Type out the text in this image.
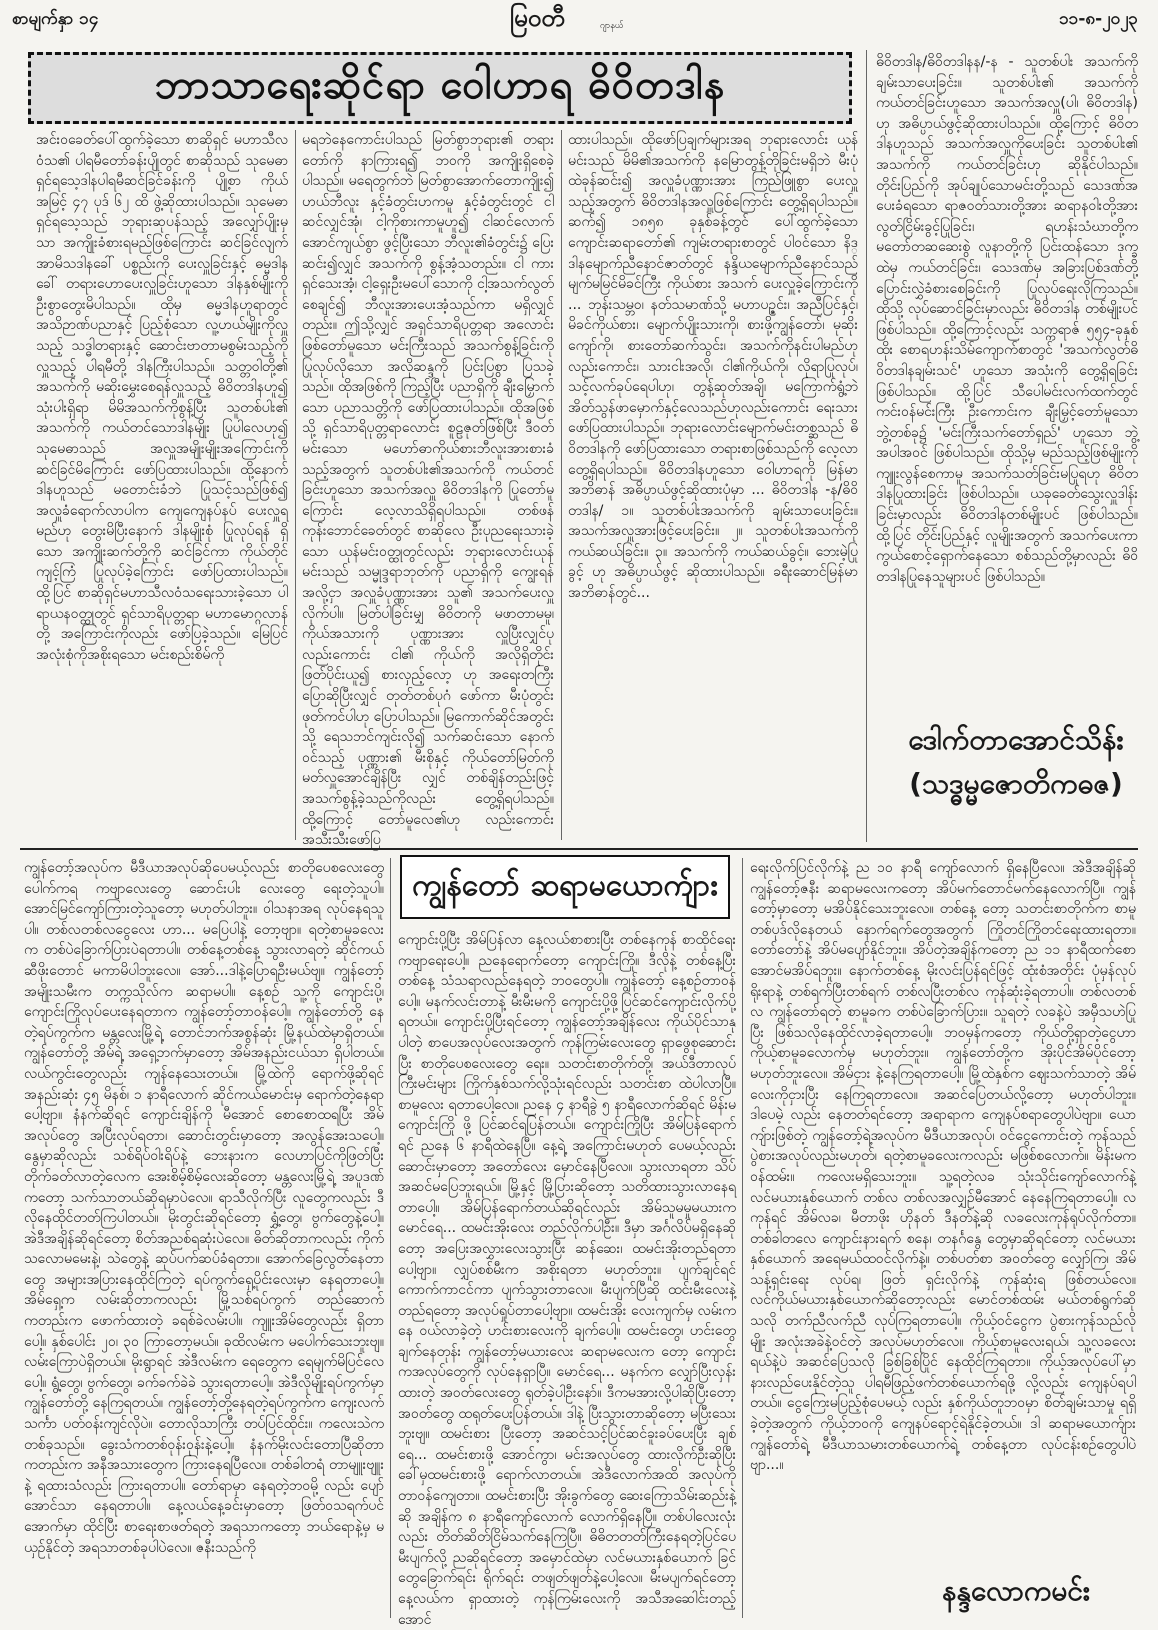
စာမျက်နှာ ၁၄	မြဝတီ	ဂျာနယ်	၁၁-၈-၂၀၂၃
ဘာသာရေးဆိုင်ရာ ဝေါဟာရ ဓိဝိတဒါန

အင်းဝခေတ်ပေါ်ထွက်ခဲ့သော စာဆိုရှင် မဟာသီလဝံသ၏ ပါရမီတော်ခန်းပျိုတွင် စာဆိုသည် သုမေဓာရှင်ရသေ့ဒါနပါရမီဆင်ခြင်ခန်းကို ပျို့စာ ကိုယ်အမြင့် ၄၇ ပုဒ် ၆၂ ထိ ဖွဲ့ဆိုထားပါသည်။ သုမေဓာရှင်ရသေ့သည် ဘုရားဆုပန်သည့် အလျှော်ပျိုးမှသာ အကျိုးခံစားရမည်ဖြစ်ကြောင်း ဆင်ခြင်လျက် အာမိသဒါနခေါ် ပစ္စည်းကို ပေးလှူခြင်းနှင့် ဓမ္မဒါနခေါ် တရားဟောပေးလှူခြင်းဟူသော ဒါနနှစ်မျိုးကို ဦးစွာတွေးမိပါသည်။ ထိုမှ ဓမ္မဒါနဟူရာတွင် အသိဉာဏ်ပညာနှင့် ပြည့်စုံသော လူ့ဟယ်မျိုးကိုလှူသည့် သဒ္ဓါတရားနှင့် ဆောင်းဗာတာမစွမ်းသည့်ကိုလှူသည့် ပါရမီတို့ ဒါနကြီးပါသည်။ သတ္တဝါတို့၏ အသက်ကို မဆိုးမွှေးစေရန်လှူသည့် ဓိဝိတဒါနဟူ၍ သုံးပါးရှိရာ မိမိအသက်ကိုစွန့်ပြီး သူတစ်ပါး၏ အသက်ကို ကယ်တင်သောဒါနမျိုး ပြုပါလေဟု၍ သုမေဓာသည် အလှူအမျိုးမျိုးအကြောင်းကို ဆင်ခြင်မိကြောင်း ဖော်ပြထားပါသည်။ ထို့နောက် ဒါနဟူသည် မတောင်းခံဘဲ ပြုသင့်သည်ဖြစ်၍ အလှူခံရောက်လာပါက ကျေကျေနပ်နပ် ပေးလှူရမည်ဟု တွေးမိပြီးနောက် ဒါနမျိုးစုံ ပြုလုပ်ရန် ရှိသော အကျိုးဆက်တို့ကို ဆင်ခြင်ကာ ကိုယ်တိုင်ကျင့်ကြံ ပြုလုပ်ခဲ့ကြောင်း ဖော်ပြထားပါသည်။ ထို့ပြင် စာဆိုရှင်မဟာသီလဝံသရေးသားခဲ့သော ပါရာယနဝတ္ထုတွင် ရှင်သာရိပုတ္တရာ မဟာမောဂ္ဂလာန်တို့ အကြောင်းကိုလည်း ဖော်ပြခဲ့သည်။ မြေပြင်အလုံးစုံကိုအစိုးရသော မင်းစည်းစိမ်ကို

မရဘဲနေကောင်းပါသည် မြတ်စွာဘုရား၏ တရားတော်ကို နာကြားရ၍ ဘဝကို အကျိုးရှိစေခဲ့ပါသည်။ မရေတွက်ဘဲ မြတ်စွာအောက်တောကျိုး၍ ဟယ်ဘီလူး နှင့်ခံတွင်းဟကမူ နှင့်ခံတွင်းတွင် ငါဆင်လျှင်အုံ၊ ငါ့ကိုစားကာမူဟူ၍ ငါဆင်လောက် အောင်ကျယ်စွာ ဖွင့်ပြီးသော ဘီလူး၏ခံတွင်း၌ ပြေးဆင်း၍လျှင် အသက်ကို စွန့်အံ့သတည်း။ ငါ ကားရှင်သေးအံ့၊ ငါ့ရှေးဦးမပေါ်သောကို ငါ့အသက်လွတ်စေချင်၍ ဘီလူးအားပေးအံ့သည်ကာ မရှိလျှင်တည်း။ ဤသို့လျှင် အရှင်သာရိပုတ္တရာ အလောင်းဖြစ်တော်မူသော မင်းကြီးသည် အသက်စွန့်ခြင်းကို ပြုလုပ်လိုသော အလိုဆန္ဒကို ပြင်းပြစွာ ပြသခဲ့သည်။ ထိုအဖြစ်ကို ကြည့်ပြီး ပညာရှိကို ချီးမြှောက်သော ပညာသတ္တိကို ဖော်ပြထားပါသည်။ ထိုအဖြစ်သို့ ရှင်သာရိပုတ္တရာလောင်း စူဠဇုတ်ဖြစ်ပြီး ဒီဝတ်မင်းသော မဟော်ဓာကိုယ်စားဘီလူးအားစားခံသည့်အတွက် သူတစ်ပါး၏အသက်ကို ကယ်တင်ခြင်းဟူသော အသက်အလှူ ဓိဝိတဒါနကို ပြုတော်မူကြောင်း လေ့လာသိရှိရပါသည်။ တစ်ဖန် ကုန်းဘောင်ခေတ်တွင် စာဆိုလေ ဦးပုညရေးသားခဲ့သော ယုန်မင်းဝတ္ထုတွင်လည်း ဘုရားလောင်းယုန်မင်းသည် သမ္မုဒ္ဒရာဘုတ်ကို ပညာရှိကို ကျွေးရန် အလို့ငှာ အလှူခံပုဏ္ဏားအား သူ၏ အသက်ပေးလှူလိုက်ပါ။ မြတ်ပါခြင်းမျှ ဓိဝိတကို မဖာတာမမူ၊ ကိုယ်အသားကို ပုဏ္ဏားအား လှူပြီးလျှင်ပုလည်းကောင်း ငါ၏ ကိုယ်ကို အလိုရှိတိုင်း ဖြတ်ပိုင်းယူ၍ စားလှည့်လော့ ဟု အရေးတကြီး ပြောဆိုပြီးလျှင် တုတ်တစ်ပုဂံ ဖော်ကာ မီးပုံတွင်း ဖုတ်ကင်ပါဟု ပြောပါသည်။ မြကောက်ဆိုင်အတွင်းသို့ ရေသဘင်ကျင်းလို၍ သက်ဆင်းသော နောက်ဝင်သည့် ပုဏ္ဏား၏ မီးစိုနှင့် ကိုယ်တော်မြတ်ကို မတ်လှူအောင်ချိန်ပြီး လျှင် တစ်ချိန်တည်းဖြင့် အသက်စွန့်ခဲ့သည်ကိုလည်း တွေ့ရှိရပါသည်။ ထို့ကြောင့် တော်မူလေ၏ဟု လည်းကောင်း အသီးသီးဖော်ပြ

ထားပါသည်။ ထိုဖော်ပြချက်များအရ ဘုရားလောင်း ယုန်မင်းသည် မိမိ၏အသက်ကို နမြောတွန့်တိုခြင်းမရှိဘဲ မီးပုံထဲခုန်ဆင်း၍ အလှူခံပုဏ္ဏားအား ကြည်ဖြူစွာ ပေးလှူသည့်အတွက် ဓိဝိတဒါနအလှူဖြစ်ကြောင်း တွေ့ရှိရပါသည်။ ဆက်၍ ၁၈၅၈ ခုနှစ်ခန့်တွင် ပေါ်ထွက်ခဲ့သော ကျောင်းဆရာတော်၏ ကျမ်းတရားစာတွင် ပါဝင်သော နိဒ္ဒါနမျောက်ညီနောင်ဇာတ်တွင် နန္ဒိယမျောက်ညီနောင်သည် မျက်မမြင်မိခင်ကြီး ကိုယ်စား အသက် ပေးလှူခဲ့ကြောင်းကို ... ဘုန်းသမ္ဘဝ၊ နတ်သမာဏ်သို့ မဟာပဥ္ဇင်း၊ အညီပြင်နှင့်၊ မိခင်ကိုယ်စား၊ မျောက်ပျိုးသားကို၊ စားဖို့ကျွန်တော်၊ မုဆိုးကျော်ကို၊ စားတော်ဆက်သွင်း၊ အသက်ကိုနင်းပါမည်ဟု လည်းကောင်း၊ သားငါးအလို၊ ငါ၏ကိုယ်ကို၊ လိုရာပြုလုပ်၊ သင့်လက်ခုပ်ရေပါဟု၊ တွန့်ဆုတ်အချိ၊ မကြောက်ရွံ့ဘဲ အိတ်သွန်ဖာမှောက်နှင့်လေသည်ဟုလည်းကောင်း ရေးသားဖော်ပြထားပါသည်။ ဘုရားလောင်းမျောက်မင်းတစ္ဆသည် ဓိဝိတဒါနကို ဖော်ပြထားသော တရားစာဖြစ်သည်ကို လေ့လာ တွေ့ရှိရပါသည်။ ဓိဝိတဒါနဟူသော ဝေါဟာရကို မြန်မာအဘိဓာန် အဓိပ္ပာယ်ဖွင့်ဆိုထားပုံမှာ ... ဓိဝိတဒါန -န/ဓိဝိတဒါန/ ၁။ သူတစ်ပါးအသက်ကို ချမ်းသာပေးခြင်း။ အသက်အလှူအားဖြင့်ပေးခြင်း။ ၂။ သူတစ်ပါးအသက်ကို ကယ်ဆယ်ခြင်း။ ၃။ အသက်ကို ကယ်ဆယ်ခွင့်။ ဘေးမဲ့ပြုခွင့် ဟု အဓိပ္ပာယ်ဖွင့် ဆိုထားပါသည်။ ခရီးဆောင်မြန်မာအဘိဓာန်တွင်...

ဓိဝိတဒါန/ဓိဝိတဒါနန/-န - သူတစ်ပါး အသက်ကို ချမ်းသာပေးခြင်း။ သူတစ်ပါး၏ အသက်ကို ကယ်တင်ခြင်းဟူသော အသက်အလှူ(ပါ၊ ဓိဝိတဒါန) ဟု အဓိပ္ပာယ်ဖွင့်ဆိုထားပါသည်။ ထို့ကြောင့် ဓိဝိတဒါနဟူသည် အသက်အလှူကိုပေးခြင်း သူတစ်ပါး၏ အသက်ကို ကယ်တင်ခြင်းဟု ဆိုနိုင်ပါသည်။ တိုင်းပြည်ကို အုပ်ချုပ်သောမင်းတို့သည် သေဒဏ်အပေးခံရသော ရာဇဝတ်သားတို့အား ဆရာနဝါးတို့အား လွတ်ငြိမ်းခွင့်ပြုခြင်း၊ ရဟန်းသံဃာတို့က မတော်တဆဆေးစွဲ လူနာတို့ကို ပြင်းထန်သော ဒုက္ခထဲမှ ကယ်တင်ခြင်း၊ သေဒဏ်မှ အခြားပြစ်ဒဏ်တို့ ပြောင်းလွှဲခံစားစေခြင်းကို ပြုလုပ်ရေးလိုကြသည်။ ထိုသို့ လုပ်ဆောင်ခြင်းမှာလည်း ဓိဝိတဒါန တစ်မျိုးပင် ဖြစ်ပါသည်။ ထို့ကြောင့်လည်း သက္ကရာဇ် ၅၅၄-ခုနှစ်ထိုး စောရဟန်းသိမ်ကျောက်စာတွင် 'အသက်လွတ်ဓိဝိတဒါနချမ်းသင်' ဟူသော အသုံးကို တွေ့ရှိရခြင်း ဖြစ်ပါသည်။ ထို့ပြင် သီပေါမင်းလက်ထက်တွင် ကင်းဝန်မင်းကြီး ဦးကောင်းက ချီးမြှင့်တော်မူသော ဘွဲ့တစ်ခု၌ 'မင်းကြီးသက်တော်ရှည်' ဟူသော ဘွဲ့အပါအဝင် ဖြစ်ပါသည်။ ထိုသို့မှ မည်သည့်ဖြစ်မျိုးကို ကျူးလွန်စေကာမူ အသက်သတ်ခြင်းမပြုရဟု ဓိဝိတဒါနပြုထားခြင်း ဖြစ်ပါသည်။ ယခုခေတ်သွေးလှူဒါန်းခြင်းမှာလည်း ဓိဝိတဒါနတစ်မျိုးပင် ဖြစ်ပါသည်။ ထို့ပြင် တိုင်းပြည်နှင့် လူမျိုးအတွက် အသက်ပေးကာကွယ်စောင့်ရှောက်နေသော စစ်သည်တို့မှာလည်း ဓိဝိတဒါနပြုနေသူများပင် ဖြစ်ပါသည်။

ဒေါက်တာအောင်သိန်း
(သဒ္ဓမ္မဇောတိကဓဇ)

ကျွန်တော့်အလုပ်က မီဒီယာအလုပ်ဆိုပေမယ့်လည်း စာတိုပေစလေးတွေ ပေါက်ကရ ကဗျာလေးတွေ ဆောင်းပါး လေးတွေ ရေးတဲ့သူပါ။ အောင်မြင်ကျော်ကြားတဲ့သူတော့ မဟုတ်ပါဘူး။ ဝါသနာအရ လုပ်နေရသူပါ။ တစ်လတစ်လငွေလေး ဟာ... မပြေပါနဲ့ တော့ဗျာ။ ရတဲ့စာမူခလေး က တစ်ပဲခြောက်ပြားပဲရတာပါ။ တစ်နေ့တစ်နေ့ သွားလာရတဲ့ ဆိုင်ကယ်ဆီဖိုးတောင် မကာမိပါဘူးလေ။ အော်...ဒါနဲ့ပြောရဦးမယ်ဗျ။ ကျွန်တော့်အမျိုးသမီးက တက္ကသိုလ်က ဆရာမပါ။ နေ့စဉ် သူ့ကို ကျောင်းပို့၊ ကျောင်းကြိုလုပ်ပေးနေရတာက ကျွန်တော့်တာဝန်ပေါ့။ ကျွန်တော်တို့ နေတဲ့ရပ်ကွက်က မန္တလေးမြို့ရဲ့ တောင်ဘက်အစွန်ဆုံး မြို့နယ်ထဲမှာရှိတယ်။ ကျွန်တော်တို့ အိမ်ရဲ့ အရှေ့ဘက်မှာတော့ အိမ်အနည်းငယ်သာ ရှိပါတယ်။ လယ်ကွင်းတွေလည်း ကျန်နေသေးတယ်။ မြို့ထဲကို ရောက်ဖို့ဆိုရင် အနည်းဆုံး ၄၅ မိနစ်၊ ၁ နာရီလောက် ဆိုင်ကယ်မောင်းမှ ရောက်တဲ့နေရာပေါ့ဗျာ။ နံနက်ဆိုရင် ကျောင်းချိန်ကို မီအောင် စောစောထရပြီး အိမ်အလုပ်တွေ အပြီးလုပ်ရတာ၊ ဆောင်းတွင်းမှာတော့ အလွန်အေးသပေါ့။ နွေမှာဆိုလည်း သစ်ရိပ်ဝါးရိပ်နဲ့ ဘေးနားက လေဟာပြင်ကိုဖြတ်ပြီး တိုက်ခတ်လာတဲ့လေက အေးစိမ့်စိမ့်လေးဆိုတော့ မန္တလေးမြို့ရဲ့ အပူဒဏ်ကတော့ သက်သာတယ်ဆိုရမှာပဲလေ။ ရာသီလိုက်ပြီး လူတွေကလည်း ဒီလိုနေထိုင်တတ်ကြပါတယ်။ မိုးတွင်းဆိုရင်တော့ ရွှံ့တွေ၊ ဗွက်တွေနဲ့ပေါ့။ အဲဒီအချိန်ဆိုရင်တော့ စိတ်အညစ်ရဆုံးပဲလေ။ ဓိတ်ဆိုတာကလည်း ကိုက်သလောမမေးနဲ့၊ သဲတွေနဲ့ ဆုပ်ပက်ဆပ်ခံရတာ။ အောက်ခြေလွတ်နေတာတွေ အများအပြားနေထိုင်ကြတဲ့ ရပ်ကွက်ရှေ့ပိုင်းလေးမှာ နေရတာပေါ့။ အိမ်ရှေ့က လမ်းဆိုတာကလည်း မြို့သစ်ရပ်ကွက် တည်ဆောက်ကတည်းက ဖောက်ထားတဲ့ ခရစ်ခဲလမ်းပါ။ ကျူးအိမ်တွေလည်း ရှိတာပေါ့။ နှစ်ပေါင်း ၂၀၊ ၃၀ ကြာတော့မယ်။ ခုထိလမ်းက မပေါက်သေးဘူးဗျ။ လမ်းကြောပဲရှိတယ်။ မိုးရွာရင် အဲဒီလမ်းက ရေတွေက ရေမျက်မိပြင်လေပေါ့။ ရွံ့တွေ၊ ဗွက်တွေ၊ ခက်ခက်ခဲခဲ သွားရတာပေါ့။ အဲဒီလိုမျိုးရပ်ကွက်မှာ ကျွန်တော်တို့ နေကြရတယ်။ ကျွန်တော့်တို့နေရတဲ့ရပ်ကွက်က ကျေးလက်သင်္ကာ ပတ်ဝန်းကျင်လိုပဲ။ တောလိုသာကြီး တပ်ပြင်ထိုင်း။ ကလေးသဲက တစ်ခုသည်။ ခွေးသံကတစ်ဝုန်းဝုန်းနဲ့ပေါ့။ နံနက်မိုးလင်းတောပြီဆိုတာကတည်းက အနီအသားတွေက ကြားနေရပြီလေ။ တစ်ခါတရံ တာမျူးဗျူးနဲ့ ရထားသံလည်း ကြားရတာပါ။ တော်ရာမှာ နေရတဲ့ဘဝမို့ လည်း ပျော်အောင်သာ နေရတာပါ။ နေ့လယ်နေ့ခင်းမှာတော့ ဖြတ်ဝသရက်ပင်အောက်မှာ ထိုင်ပြီး စာရေးစာဖတ်ရတဲ့ အရသာကတော့ ဘယ်ရောနဲ့မှ မယှဉ်နိုင်တဲ့ အရသာတစ်ခုပါပဲလေ။ ဇနီးသည်ကို

ကျွန်တော် ဆရာမယောက်ျား

ကျောင်းပို့ပြီး အိမ်ပြန်လာ နေ့လယ်စာစားပြီး တစ်နေကုန် စာထိုင်ရေး ကဗျာရေးပေါ့။ ညနေရောက်တော့ ကျောင်းကြို။ ဒီလိုနဲ့ တစ်နေ့ပြီးတစ်နေ့ သံသရာလည်နေရတဲ့ ဘဝတွေပါ။ ကျွန်တော့် နေ့စဉ်တာဝန်ပေါ့။ မနက်လင်းတာနဲ့ မီးမီးမကို ကျောင်းပို့ဖို့ပြင်ဆင်ကျောင်းလိုက်ပို့ရတယ်။ ကျောင်းပို့ပြီးရင်တော့ ကျွန်တော့်အချိန်လေး ကိုယ်ပိုင်သာနုပါတဲ့ စာပေအလုပ်လေးအတွက် ကုန်ကြမ်းလေးတွေ ရှာဖွေစုဆောင်းပြီး စာတိုပေစလေးတွေ ရေး။ သတင်းစာတိုက်တို့၊ အယ်ဒီတာလုပ်ကြီးမင်းများ ကြိုက်နှစ်သက်လို့သုံးရင်လည်း သတင်းစာ ထဲပါလာပြီ။ စာမူလေး ရတာပေါ့လေ။ ညနေ ၄ နာရီခွဲ ၅ နာရီလောက်ဆိုရင် မိန်းမကျောင်းကြို ဖို့ ပြင်ဆင်ရပြန်တယ်။ ကျောင်းကြိုပြီး အိမ်ပြန်ရောက်ရင် ညနေ ၆ နာရီထဲနေပြီ။ နေ့ရဲ့ အကြောင်းမဟုတ် ပေမယ့်လည်း ဆောင်းမှာတော့ အတော်လေး မှောင်နေပြီလေ။ သွားလာရတာ သိပ်အဆင်မပြေဘူးရယ်။ မြို့နှင့် မြို့ပြားဆိုတော့ သတိထားသွားလာနေရတာပေါ့။ အိမ်ပြန်ရောက်တယ်ဆိုရင်လည်း အိမ်သူမမှုမယားက မောင်ရေ... ထမင်းအိုးလေး တည်လိုက်ပါဦး။ ဒီမှာ အင်္ဂလိပ်မရှိနေဆိုတော့ အပြေးအလွှားလေးသွားပြီး ဆန်ဆေး၊ ထမင်းအိုးတည်ရတာပေါ့ဗျာ။ လျှပ်စစ်မီးက အစိုးရတာ မဟုတ်ဘူး။ ပျက်ချင်ရင် ကောက်ကာငင်ကာ ပျက်သွားတာလေ။ မီးပျက်ပြီဆို ထင်းမီးလေးနဲ့ တည်ရတော့ အလုပ်ရှုပ်တာပေါ့ဗျာ။ ထမင်းအိုး လေးကျက်မှ လမ်းကနေ ဝယ်လာခဲ့တဲ့ ဟင်းစားလေးကို ချက်ပေါ့။ ထမင်းတွေ၊ ဟင်းတွေချက်နေတုန်း ကျွန်တော့်မယားလေး ဆရာမလေးက တော့ ကျောင်းကအလုပ်တွေကို လုပ်နေရှာပြီ။ မောင်ရေ... မနက်က လျှော်ပြီးလှန်းထားတဲ့ အဝတ်လေးတွေ ရုတ်ခဲ့ပါဦးနော်။ ဒီကမအားလို့ပါဆိုပြီးတော့ အဝတ်တွေ ထရုတ်ပေးပြန်တယ်။ ဒါနဲ့ ပြီးသွားတာဆိုတော့ မပြီးသေးဘူးဗျ။ ထမင်းစား ပြီးတော့ အဆင်သင့်ပြင်ဆင်ခူးခပ်ပေးပြီး ချစ်ရေ... ထမင်းစားဖို့ အောင်ကွာ၊ မင်းအလုပ်တွေ ထားလိုက်ဦးဆိုပြီး ခေါ်မှထမင်းစားဖို့ ရောက်လာတယ်။ အဲဒီလောက်အထိ အလုပ်ကို တာဝန်ကျေတာ။ ထမင်းစားပြီး အိုးခွက်တွေ ဆေးကြောသိမ်းဆည်းနဲ့ဆို အချိန်က ၈ နာရီကျော်လောက် လောက်ရှိနေပြီ။ တစ်ပါလေးလုံးလည်း တိတ်ဆိတ်ငြိမ်သက်နေကြပြီ။ ဓိဓိတတတ်ကြီးနေရတဲ့ပြင်ပေ မီးပျက်လို့ ညဆိုရင်တော့ အမှောင်ထဲမှာ လင်မယားနှစ်ယောက် ခြင်တွေခြောက်ရင်း ရိုက်ရင်း တဖျတ်ဖျတ်နဲ့ပေါ့လေ။ မီးမပျက်ရင်တော့ နေ့လယ်က ရှာထားတဲ့ ကုန်ကြမ်းလေးကို အသီအဆေါင်းတည့်အောင်

ရေးလိုက်ပြင်လိုက်နဲ့ ည ၁၀ နာရီ ကျော်လောက် ရှိနေပြီလေ။ အဲဒီအချိန်ဆို ကျွန်တော့်ဇနီး ဆရာမလေးကတော့ အိပ်မက်တောင်မက်နေလောက်ပြီ။ ကျွန်တော့်မှာတော့ မအိပ်နိုင်သေးဘူးလေ။ တစ်နေ့ တော့ သတင်းစာတိုက်က စာမူတစ်ပုဒ်လိုနေတယ် နောက်ရက်တွေအတွက် ကြိုတင်ကြိုတင်ရေးထားရတာ။ တော်တော်နဲ့ အိပ်မပျော်နိုင်ဘူး။ အိပ်တဲ့အချိန်ကတော့ ည ၁၁ နာရီထက်စောအောင်မအိပ်ရဘူး။ နောက်တစ်နေ့ မိုးလင်းပြန်ရင်ဖြင့် ထုံးစံအတိုင်း ပုံမှန်လုပ်ရိုးရာနဲ့ တစ်ရက်ပြီးတစ်ရက် တစ်လပြီးတစ်လ ကုန်ဆုံးခဲ့ရတာပါ။ တစ်လတစ်လ ကျွန်တော်ရတဲ့ စာမူခက တစ်ပဲခြောက်ပြား။ သူရတဲ့ လခနဲ့ပဲ အမှီသဟဲပြုပြီး ဖြစ်သလိုနေထိုင်လာခဲ့ရတာပေါ့။ ဘဝမှန်ကတော့ ကိုယ်တို့ရှာတဲ့ငွေဟာ ကိုယ့်စာမူခလောက်မှ မဟုတ်ဘူး။ ကျွန်တော်တို့က အိုးပိုင်အိမ်ပိုင်တော့ မဟုတ်ဘူးလေ။ အိမ်ငှား နဲ့နေကြရတာပေါ့။ မြို့ထဲနှစ်က ဈေးသက်သာတဲ့ အိမ်လေးကိုငှားပြီး နေကြရတာလေ။ အဆင်ပြေတယ်လို့တော့ မဟုတ်ပါဘူး။ ဒါပေမဲ့ လည်း နေတတ်ရင်တော့ အရာရာက ကျေနပ်စရာတွေပါပဲဗျာ။ ယောကျ်ားဖြစ်တဲ့ ကျွန်တော့်ရဲ့အလုပ်က မီဒီယာအလုပ်၊ ဝင်ငွေကောင်းတဲ့ ကုန်သည်ပွဲစားအလုပ်လည်းမဟုတ်၊ ရတဲ့စာမူခလေးကလည်း မဖြစ်စလောက်။ မိန်းမက ဝန်ထမ်း။ ကလေးမရှိသေးဘူး။ သူ့ရတဲ့လခ သုံးသိုင်းကျော်လောက်နဲ့ လင်မယားနှစ်ယောက် တစ်လ တစ်လအလျှဉ်မီအောင် နေနေကြရတာပေါ့။ လကုန်ရင် အိမ်လခ၊ မီတာဖိုး ဟိုနတ် ဒီနတ်နဲ့ဆို လခလေးကုန်ရုပ်လိုက်တာ။ တစ်ခါတလေ ကျောင်းနားရက် စနေ၊ တနင်္ဂနွေ တွေမှာဆိုရင်တော့ လင်မယားနှစ်ယောက် အရေမယ်ထဝင်လိုက်နဲ့။ တစ်ပတ်စာ အဝတ်တွေ လျှော်ကြ၊ အိမ်သန့်ရှင်းရေး လုပ်ရ၊ ဖြတ် ရှင်းလိုက်နဲ့ ကုန်ဆုံးရ ဖြစ်တယ်လေ။ လင်ကိုယ်မယားနှစ်ယောက်ဆိုတော့လည်း မောင်တစ်ထမ်း မယ်တစ်ရွက်ဆိုသလို တက်ညီလက်ညီ လုပ်ကြရတာပေါ့။ ကိုယ့်ဝင်ငွေက ပွဲစားကုန်သည်လိုမျိုး အလုံးအခဲနဲ့ဝင်တဲ့ အလုပ်မဟုတ်လေ။ ကိုယ့်စာမူလေးရယ်၊ သူ့လခလေးရယ်နဲ့ပဲ အဆင်ပြေသလို ခြစ်ခြစ်ပြိုင် နေထိုင်ကြရတာ။ ကိုယ့်အလုပ်ပေါ်မှာ နားလည်ပေးနိုင်တဲ့သူ ပါရမီဖြည့်ဖက်တစ်ယောက်ရဖို့ လို့လည်း ကျေနပ်ရပါတယ်။ ငွေကြေးမပြည့်စုံပေမယ့် လည်း နှစ်ကိုယ်တူဘဝမှာ စိတ်ချမ်းသာမှု ရရှိခဲ့တဲ့အတွက် ကိုယ့်ဘဝကို ကျေနပ်ရောင့်ရဲနိုင်ခဲ့တယ်။ ဒါ ဆရာမယောက်ျား ကျွန်တော်ရဲ့ မီဒီယာသမားတစ်ယောက်ရဲ့ တစ်နေ့တာ လုပ်ငန်းစဉ်တွေပါပဲဗျာ...။

နန္ဒလောကမင်း
